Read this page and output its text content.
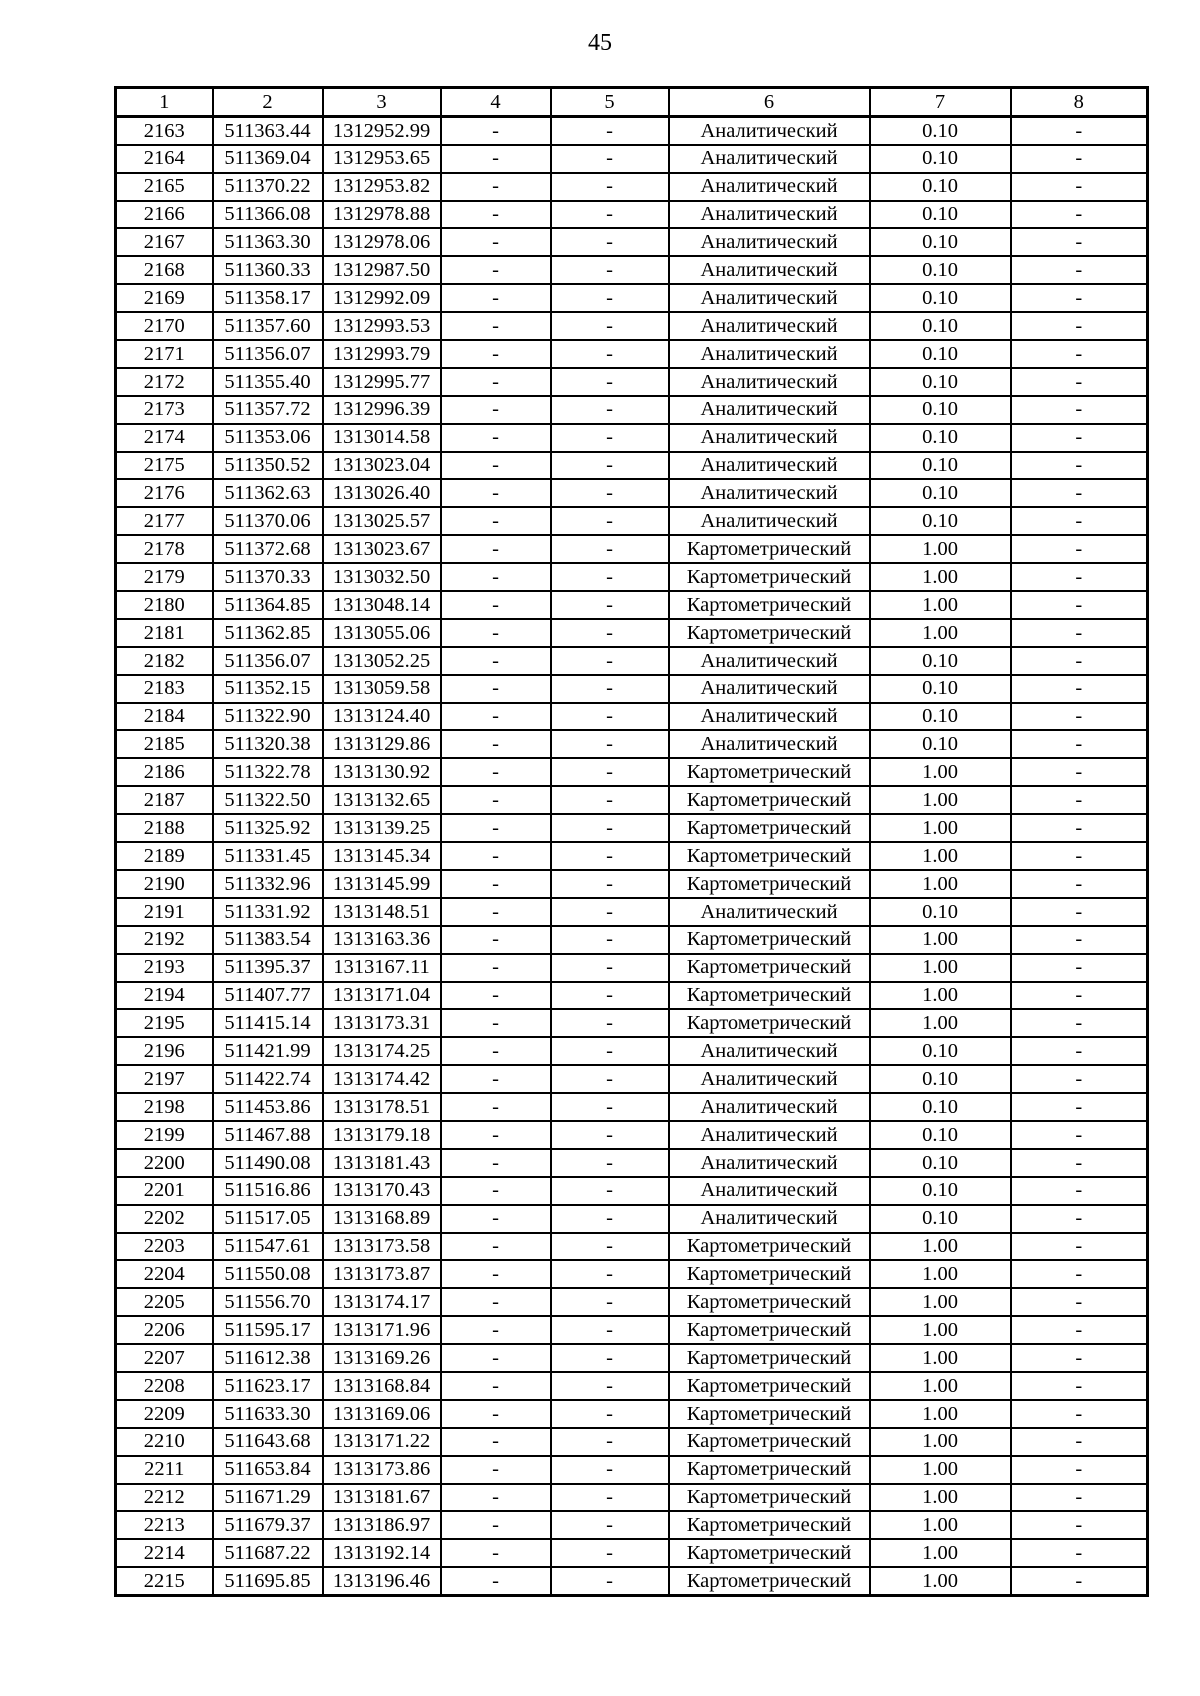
45
1	2	3	4	5	6	7	8
2163	511363.44	1312952.99	-	-	Аналитический	0.10	-
2164	511369.04	1312953.65	-	-	Аналитический	0.10	-
2165	511370.22	1312953.82	-	-	Аналитический	0.10	-
2166	511366.08	1312978.88	-	-	Аналитический	0.10	-
2167	511363.30	1312978.06	-	-	Аналитический	0.10	-
2168	511360.33	1312987.50	-	-	Аналитический	0.10	-
2169	511358.17	1312992.09	-	-	Аналитический	0.10	-
2170	511357.60	1312993.53	-	-	Аналитический	0.10	-
2171	511356.07	1312993.79	-	-	Аналитический	0.10	-
2172	511355.40	1312995.77	-	-	Аналитический	0.10	-
2173	511357.72	1312996.39	-	-	Аналитический	0.10	-
2174	511353.06	1313014.58	-	-	Аналитический	0.10	-
2175	511350.52	1313023.04	-	-	Аналитический	0.10	-
2176	511362.63	1313026.40	-	-	Аналитический	0.10	-
2177	511370.06	1313025.57	-	-	Аналитический	0.10	-
2178	511372.68	1313023.67	-	-	Картометрический	1.00	-
2179	511370.33	1313032.50	-	-	Картометрический	1.00	-
2180	511364.85	1313048.14	-	-	Картометрический	1.00	-
2181	511362.85	1313055.06	-	-	Картометрический	1.00	-
2182	511356.07	1313052.25	-	-	Аналитический	0.10	-
2183	511352.15	1313059.58	-	-	Аналитический	0.10	-
2184	511322.90	1313124.40	-	-	Аналитический	0.10	-
2185	511320.38	1313129.86	-	-	Аналитический	0.10	-
2186	511322.78	1313130.92	-	-	Картометрический	1.00	-
2187	511322.50	1313132.65	-	-	Картометрический	1.00	-
2188	511325.92	1313139.25	-	-	Картометрический	1.00	-
2189	511331.45	1313145.34	-	-	Картометрический	1.00	-
2190	511332.96	1313145.99	-	-	Картометрический	1.00	-
2191	511331.92	1313148.51	-	-	Аналитический	0.10	-
2192	511383.54	1313163.36	-	-	Картометрический	1.00	-
2193	511395.37	1313167.11	-	-	Картометрический	1.00	-
2194	511407.77	1313171.04	-	-	Картометрический	1.00	-
2195	511415.14	1313173.31	-	-	Картометрический	1.00	-
2196	511421.99	1313174.25	-	-	Аналитический	0.10	-
2197	511422.74	1313174.42	-	-	Аналитический	0.10	-
2198	511453.86	1313178.51	-	-	Аналитический	0.10	-
2199	511467.88	1313179.18	-	-	Аналитический	0.10	-
2200	511490.08	1313181.43	-	-	Аналитический	0.10	-
2201	511516.86	1313170.43	-	-	Аналитический	0.10	-
2202	511517.05	1313168.89	-	-	Аналитический	0.10	-
2203	511547.61	1313173.58	-	-	Картометрический	1.00	-
2204	511550.08	1313173.87	-	-	Картометрический	1.00	-
2205	511556.70	1313174.17	-	-	Картометрический	1.00	-
2206	511595.17	1313171.96	-	-	Картометрический	1.00	-
2207	511612.38	1313169.26	-	-	Картометрический	1.00	-
2208	511623.17	1313168.84	-	-	Картометрический	1.00	-
2209	511633.30	1313169.06	-	-	Картометрический	1.00	-
2210	511643.68	1313171.22	-	-	Картометрический	1.00	-
2211	511653.84	1313173.86	-	-	Картометрический	1.00	-
2212	511671.29	1313181.67	-	-	Картометрический	1.00	-
2213	511679.37	1313186.97	-	-	Картометрический	1.00	-
2214	511687.22	1313192.14	-	-	Картометрический	1.00	-
2215	511695.85	1313196.46	-	-	Картометрический	1.00	-
